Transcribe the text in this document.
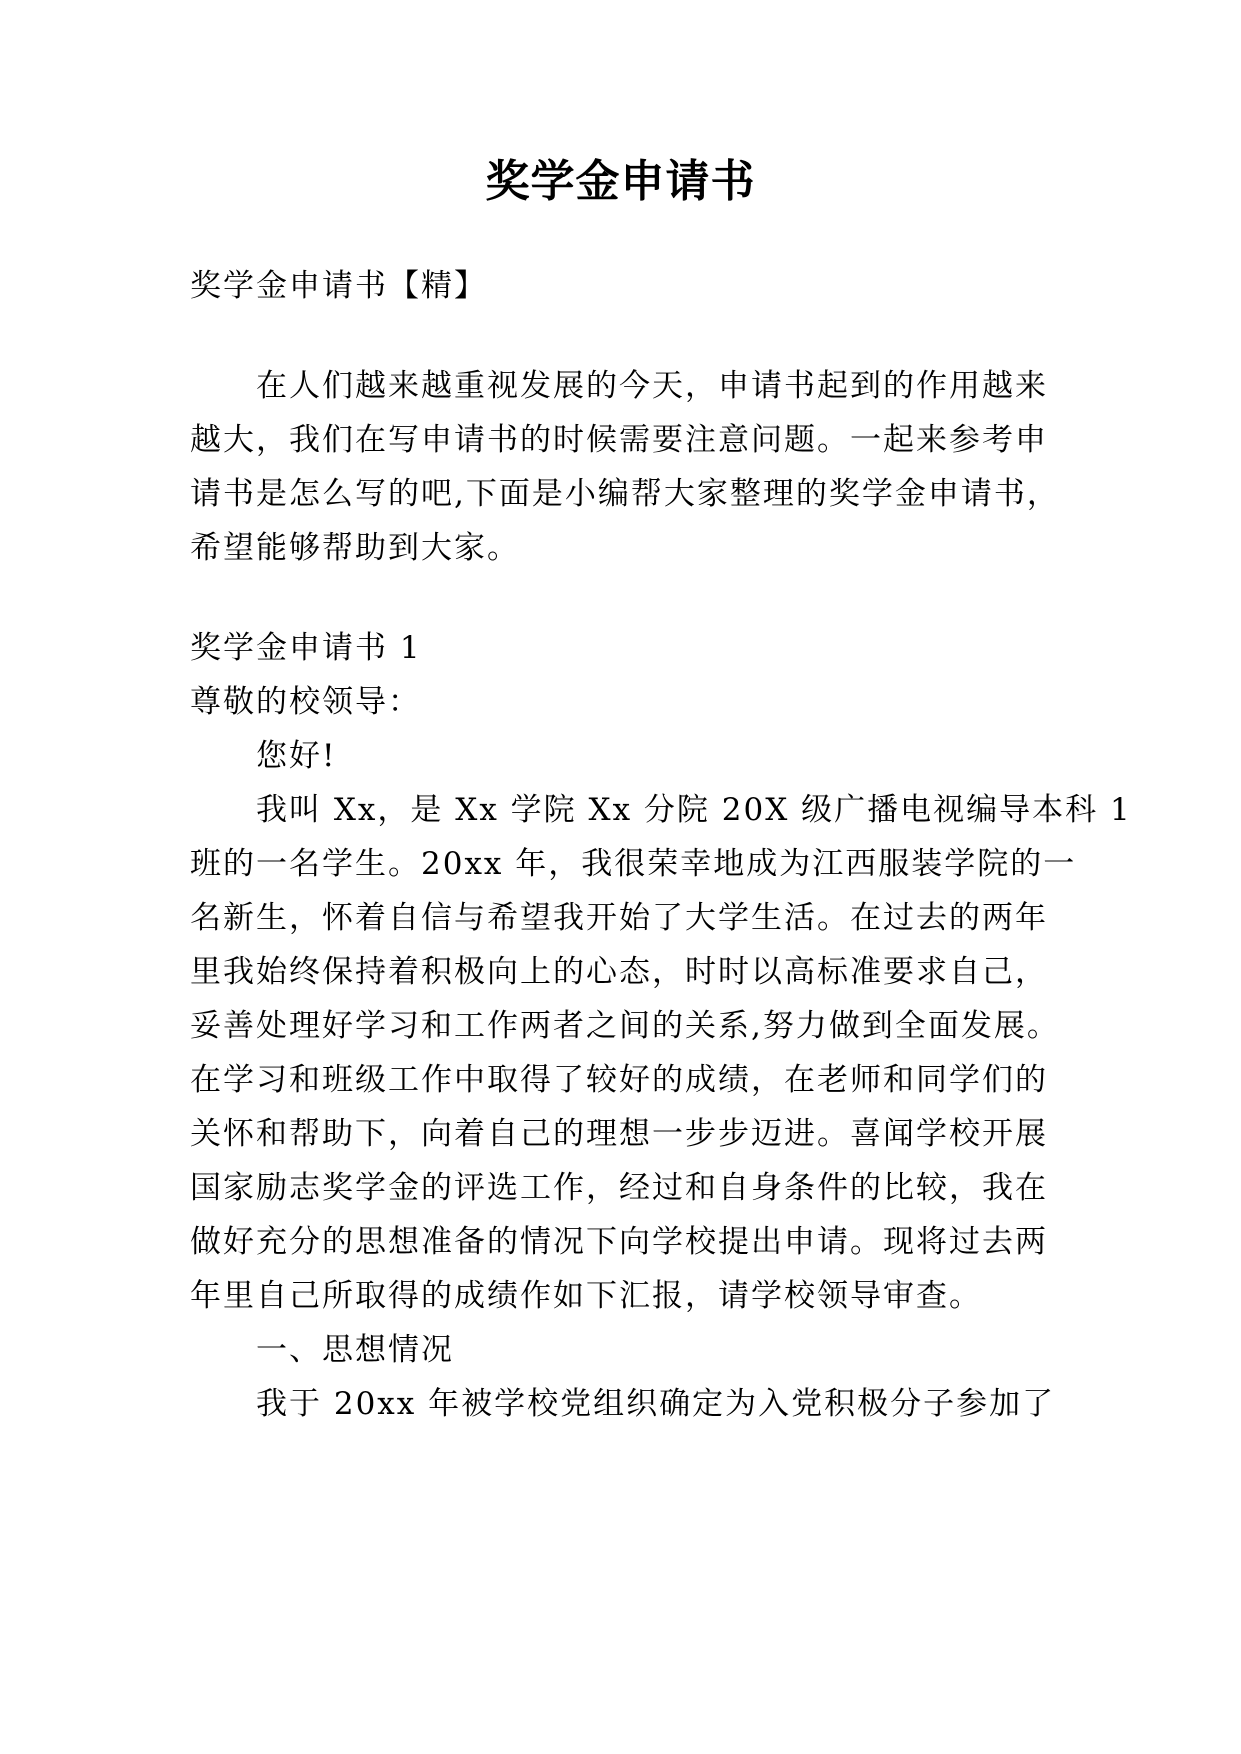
奖学金申请书
奖学金申请书【精】
在人们越来越重视发展的今天，申请书起到的作用越来
越大，我们在写申请书的时候需要注意问题。一起来参考申
请书是怎么写的吧,下面是小编帮大家整理的奖学金申请书，
希望能够帮助到大家。
奖学金申请书 1
尊敬的校领导：
您好!
我叫 Xx，是 Xx 学院 Xx 分院 20X 级广播电视编导本科 1
班的一名学生。20xx 年，我很荣幸地成为江西服装学院的一
名新生，怀着自信与希望我开始了大学生活。在过去的两年
里我始终保持着积极向上的心态，时时以高标准要求自己，
妥善处理好学习和工作两者之间的关系,努力做到全面发展。
在学习和班级工作中取得了较好的成绩，在老师和同学们的
关怀和帮助下，向着自己的理想一步步迈进。喜闻学校开展
国家励志奖学金的评选工作，经过和自身条件的比较，我在
做好充分的思想准备的情况下向学校提出申请。现将过去两
年里自己所取得的成绩作如下汇报，请学校领导审查。
一、思想情况
我于 20xx 年被学校党组织确定为入党积极分子参加了
